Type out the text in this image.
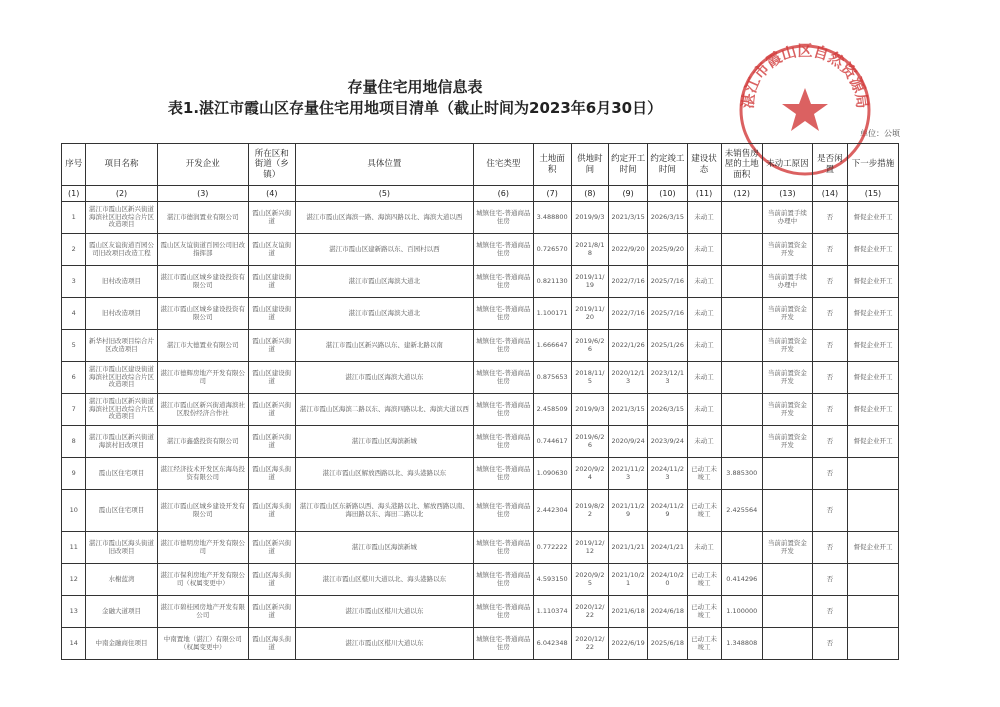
存量住宅用地信息表
表1.湛江市霞山区存量住宅用地项目清单（截止时间为2023年6月30日）
单位：公顷
湛江市霞山区自然资源局
序号	项目名称	开发企业	所在区和街道（乡镇）	具体位置	住宅类型	土地面积	供地时间	约定开工时间	约定竣工时间	建设状态	未销售房屋的土地面积	未动工原因	是否闲置	下一步措施
(1)	(2)	(3)	(4)	(5)	(6)	(7)	(8)	(9)	(10)	(11)	(12)	(13)	(14)	(15)
1	湛江市霞山区新兴街道海滨社区旧改综合片区改造项目	湛江市德润置业有限公司	霞山区新兴街道	湛江市霞山区海滨一路、海滨四路以北、海滨大道以西	城镇住宅-普通商品住房	3.488800	2019/9/3	2021/3/15	2026/3/15	未动工		当前前置手续办理中	否	督促企业开工
2	霞山区友谊街道百园公司旧改项目改造工程	霞山区友谊街道百园公司旧改指挥部	霞山区友谊街道	湛江市霞山区建新路以东、百园村以西	城镇住宅-普通商品住房	0.726570	2021/8/18	2022/9/20	2025/9/20	未动工		当前前置资金开发	否	督促企业开工
3	旧村改造项目	湛江市霞山区城乡建设投资有限公司	霞山区建设街道	湛江市霞山区海滨大道北	城镇住宅-普通商品住房	0.821130	2019/11/19	2022/7/16	2025/7/16	未动工		当前前置手续办理中	否	督促企业开工
4	旧村改造项目	湛江市霞山区城乡建设投资有限公司	霞山区建设街道	湛江市霞山区海滨大道北	城镇住宅-普通商品住房	1.100171	2019/11/20	2022/7/16	2025/7/16	未动工		当前前置资金开发	否	督促企业开工
5	新华村旧改项目综合片区改造项目	湛江市大德置业有限公司	霞山区新兴街道	湛江市霞山区新兴路以东、建新北路以南	城镇住宅-普通商品住房	1.666647	2019/6/26	2022/1/26	2025/1/26	未动工		当前前置资金开发	否	督促企业开工
6	湛江市霞山区建设街道海滨社区旧改综合片区改造项目	湛江市德辉房地产开发有限公司	霞山区建设街道	湛江市霞山区海滨大道以东	城镇住宅-普通商品住房	0.875653	2018/11/5	2020/12/13	2023/12/13	未动工		当前前置资金开发	否	督促企业开工
7	湛江市霞山区新兴街道海滨社区旧改综合片区改造项目	湛江市霞山区新兴街道海滨社区股份经济合作社	霞山区新兴街道	湛江市霞山区海滨二路以东、海滨四路以北、海滨大道以西	城镇住宅-普通商品住房	2.458509	2019/9/3	2021/3/15	2026/3/15	未动工		当前前置资金开发	否	督促企业开工
8	湛江市霞山区新兴街道海滨村旧改项目	湛江市鑫盛投资有限公司	霞山区新兴街道	湛江市霞山区海滨新城	城镇住宅-普通商品住房	0.744617	2019/6/26	2020/9/24	2023/9/24	未动工		当前前置资金开发	否	督促企业开工
9	霞山区住宅项目	湛江经济技术开发区东海岛投资有限公司	霞山区海头街道	湛江市霞山区解放西路以北、海头港路以东	城镇住宅-普通商品住房	1.090630	2020/9/24	2021/11/23	2024/11/23	已动工未竣工	3.885300		否	
10	霞山区住宅项目	湛江市霞山区城乡建设开发有限公司	霞山区海头街道	湛江市霞山区东新路以西、海头港路以北、解放西路以南、海田路以东、海田二路以北	城镇住宅-普通商品住房	2.442304	2019/8/22	2021/11/29	2024/11/29	已动工未竣工	2.425564		否	
11	湛江市霞山区海头街道旧改项目	湛江市德明房地产开发有限公司	霞山区新兴街道	湛江市霞山区海滨新城	城镇住宅-普通商品住房	0.772222	2019/12/12	2021/1/21	2024/1/21	未动工		当前前置资金开发	否	督促企业开工
12	水榭蓝湾	湛江市保利房地产开发有限公司（权属变更中）	霞山区海头街道	湛江市霞山区椹川大道以北、海头港路以东	城镇住宅-普通商品住房	4.593150	2020/9/25	2021/10/21	2024/10/20	已动工未竣工	0.414296		否	
13	金融大道项目	湛江市碧桂园房地产开发有限公司	霞山区新兴街道	湛江市霞山区椹川大道以东	城镇住宅-普通商品住房	1.110374	2020/12/22	2021/6/18	2024/6/18	已动工未竣工	1.100000		否	
14	中南金融商住项目	中南置地（湛江）有限公司（权属变更中）	霞山区海头街道	湛江市霞山区椹川大道以东	城镇住宅-普通商品住房	6.042348	2020/12/22	2022/6/19	2025/6/18	已动工未竣工	1.348808		否	
